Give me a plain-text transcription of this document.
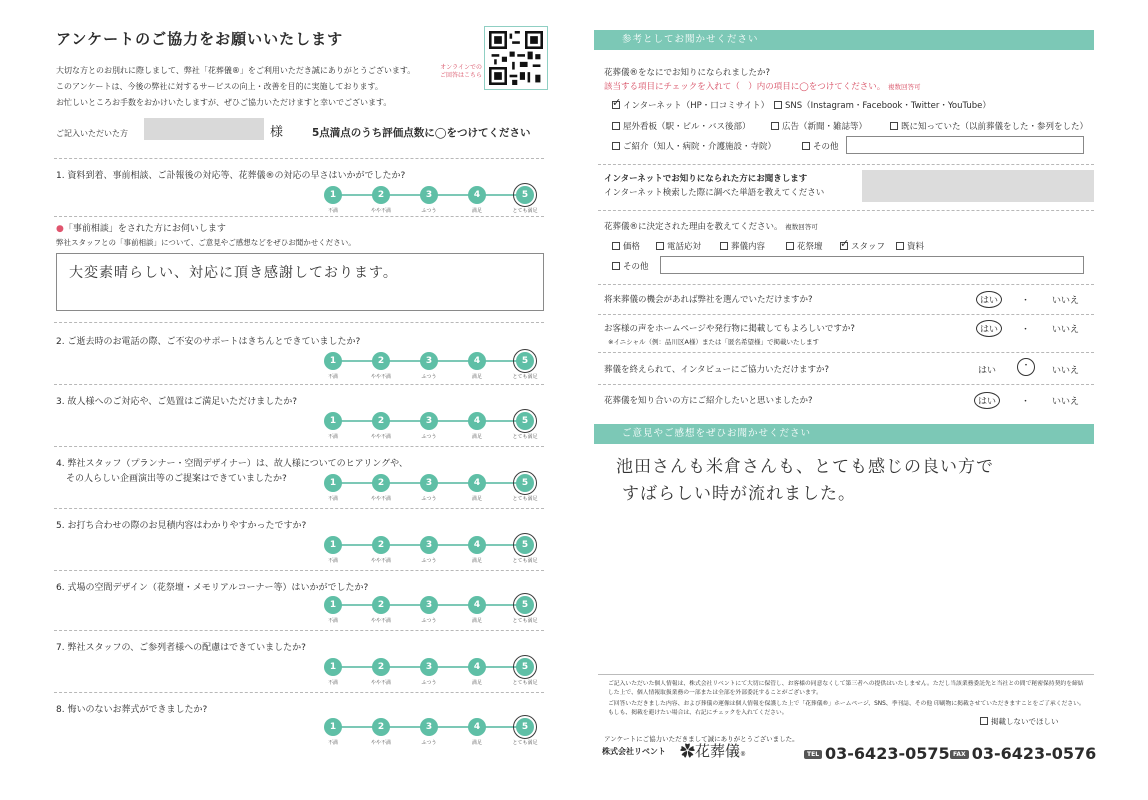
アンケートのご協力をお願いいたします
大切な方とのお別れに際しまして、弊社「花葬儀®」をご利用いただき誠にありがとうございます。
このアンケートは、今後の弊社に対するサービスの向上・改善を目的に実施しております。
お忙しいところお手数をおかけいたしますが、ぜひご協力いただけますと幸いでございます。
オンラインでのご回答はこちら
ご記入いただいた方	様	5点満点のうち評価点数に◯をつけてください
1. 資料到着、事前相談、ご訃報後の対応等、花葬儀®の対応の早さはいかがでしたか?
1
不満
2
やや不満
3
ふつう
4
満足
5
とても満足
●「事前相談」をされた方にお伺いします
弊社スタッフとの「事前相談」について、ご意見やご感想などをぜひお聞かせください。
大変素晴らしい、対応に頂き感謝しております。
2. ご逝去時のお電話の際、ご不安のサポートはきちんとできていましたか?
1
不満
2
やや不満
3
ふつう
4
満足
5
とても満足
3. 故人様へのご対応や、ご処置はご満足いただけましたか?
1
不満
2
やや不満
3
ふつう
4
満足
5
とても満足
4. 弊社スタッフ（プランナー・空間デザイナー）は、故人様についてのヒアリングや、
その人らしい企画演出等のご提案はできていましたか?	1
不満
2
やや不満
3
ふつう
4
満足
5
とても満足
5. お打ち合わせの際のお見積内容はわかりやすかったですか?
1
不満
2
やや不満
3
ふつう
4
満足
5
とても満足
6. 式場の空間デザイン（花祭壇・メモリアルコーナー等）はいかがでしたか?
1
不満
2
やや不満
3
ふつう
4
満足
5
とても満足
7. 弊社スタッフの、ご参列者様への配慮はできていましたか?
1
不満
2
やや不満
3
ふつう
4
満足
5
とても満足
8. 悔いのないお葬式ができましたか?
1
不満
2
やや不満
3
ふつう
4
満足
5
とても満足
参考としてお聞かせください
花葬儀®をなにでお知りになられましたか?
該当する項目にチェックを入れて（　）内の項目に◯をつけてください。 複数回答可
✓インターネット（HP・口コミサイト）	SNS（Instagram・Facebook・Twitter・YouTube）
屋外看板（駅・ビル・バス後部）	広告（新聞・雑誌等）	既に知っていた（以前葬儀をした・参列をした）
ご紹介（知人・病院・介護施設・寺院）	その他
インターネットでお知りになられた方にお聞きします
インターネット検索した際に調べた単語を教えてください
花葬儀®に決定された理由を教えてください。 複数回答可
価格	電話応対	葬儀内容	花祭壇
✓	スタッフ	資料
その他
将来葬儀の機会があれば弊社を選んでいただけますか?	はい	・ いいえ
お客様の声をホームページや発行物に掲載してもよろしいですか?
※イニシャル（例：品川区A様）または「匿名希望様」で掲載いたします
はい	・ いいえ
葬儀を終えられて、インタビューにご協力いただけますか?	はい	・	いいえ
花葬儀を知り合いの方にご紹介したいと思いましたか?	はい	・ いいえ
ご意見やご感想をぜひお聞かせください
池田さんも米倉さんも、とても感じの良い方で
すばらしい時が流れました。
ご記入いただいた個人情報は、株式会社リベントにて大切に保管し、お客様の同意なくして第三者への提供はいたしません。ただし当該業務委託先と当社との間で秘密保持契約を締結した上で、個人情報取扱業務の一部または全部を外部委託することがございます。
ご回答いただきました内容、および葬儀の運像は個人情報を保護した上で「花葬儀®」ホームページ、SNS、季刊誌、その他 印刷物に掲載させていただきますことをご了承ください。もしも、掲載を避けたい場合は、右記にチェックを入れてください。
掲載しないでほしい
アンケートにご協力いただきまして誠にありがとうございました。
株式会社リベント ✿花葬儀®	TEL 03-6423-0575 FAX 03-6423-0576
